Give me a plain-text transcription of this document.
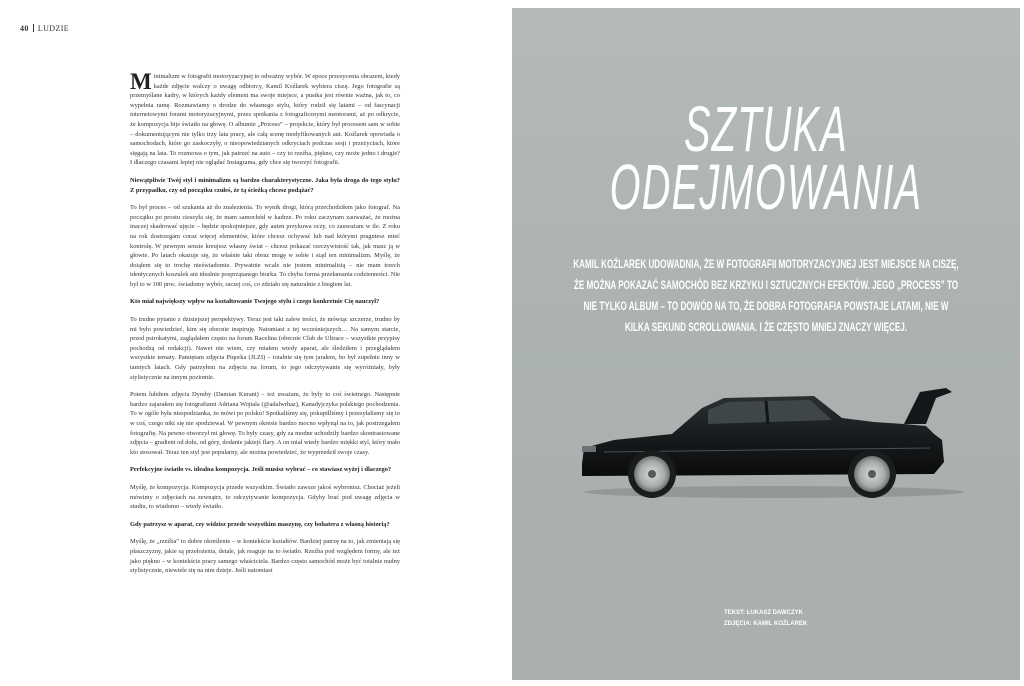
40 LUDZIE

Minimalizm w fotografii motoryzacyjnej to odważny wybór. W epoce przesycenia obrazem, kiedy każde zdjęcie walczy o uwagę odbiorcy, Kamil Koźlarek wybiera ciszę. Jego fotografie są przemyślane kadry, w których każdy element ma swoje miejsce, a pustka jest równie ważna, jak to, co wypełnia ramę. Rozmawiamy o drodze do własnego stylu, który rodził się latami – od fascynacji internetowymi forami motoryzacyjnymi, przez spotkania z fotograficznymi mentorami, aż po odkrycie, że kompozycja bije światło na głowę. O albumie „Process” – projekcie, który był procesem sam w sobie – dokumentującym nie tylko trzy lata pracy, ale całą scenę modyfikowanych aut. Koźlarek opowiada o samochodach, które go zaskoczyły, o nieopowiedzianych odkryciach podczas sesji i przeżyciach, które sięgają na lata. To rozmowa o tym, jak patrzeć na auto – czy to rzeźba, piękno, czy może jedno i drugie? I dlaczego czasami lepiej nie oglądać Instagrama, gdy chce się tworzyć fotografii.

Niewątpliwie Twój styl i minimalizm są bardzo charakterystyczne. Jaka była droga do tego stylu? Z przypadku, czy od początku czułeś, że tą ścieżką chcesz podążać?

To był proces – od szukania aż do znalezienia. To wynik drogi, którą przechodziłem jako fotograf. Na początku po prostu cieszyła się, że mam samochód w kadrze. Po roku zaczynam zauważać, że można inaczej skadrować ujęcie – będzie spokojniejsze, gdy auten przykuwa oczy, co zauważam w tle. Z roku na rok dostrzegam coraz więcej elementów, które chcesz ochywać lub nad którymi pragniesz mieć kontrolę. W pewnym sensie kreujesz własny świat – chcesz pokazać rzeczywistość tak, jak masz ją w głowie. Po latach okazuje się, że właśnie taki obraz mogę w sobie i stąd ten minimalizm. Myślę, że doiąłem się to trochę nieświadomie. Prywatnie wcale nie jestem minimalistą – nie mam trzech identycznych koszulek ani idealnie posprzątanego biurka. To chyba forma przełamania codzienności. Nie był to w 100 proc. świadomy wybór, raczej coś, co zdziało się naturalnie z biegiem lat.

Kto miał największy wpływ na kształtowanie Twojego stylu i czego konkretnie Cię nauczył?

To trudne pytanie z dzisiejszej perspektywy. Teraz jest taki zalew treści, że mówiąc szczerze, trudno by mi było powiedzieć, kim się obecnie inspiruję. Natomiast z tej wcześniejszych… Na samym starcie, przed pstrokatymi, zaglądałem często na forum Racelina (obecnie Club de Ultrace – wszystkie przypisy pochodzą od redakcji). Nawet nie wiem, czy miałem wtedy aparat, ale śledziłem i przeglądałem wszystkie tematy. Pamiętam zdjęcia Piqorka (JLZI) – totalnie się tym jarałem, bo był zupełnie inny w tamtych latach. Gdy patrzyłem na zdjęcia na forum, to jego odczytywanie się wyróżniały, były stylistycznie na innym poziomie.

Potem lubiłem zdjęcia Dymby (Damian Kurant) – też uważam, że były to coś świetnego. Następnie bardzo zajarałem się fotografiami Adriana Wojtala (@adalwrhaz), Kanadyjczyka polskiego pochodzenia. To w ogóle była niespodzianka, że mówi po polsku! Spotkaliśmy się, pokupiłliśmy i przesyłalismy się to w coś, czego nikt się nie spodziewał. W pewnym okresie bardzo mocno wpłynął na to, jak postrzegałem fotografię. Na pewno otworzył mi głowę. To były czasy, gdy za modne uchodziły bardzo skontrastowane zdjęcia – gradient od dołu, od góry, dodanie jakiejś flary. A on miał wtedy bardzo miękki styl, który mało kto stosował. Teraz ten styl jest popularny, ale można powiedzieć, że wyprzedził swoje czasy.

Perfekcyjne światło vs. idealna kompozycja. Jeśli musisz wybrać – co stawiasz wyżej i dlaczego?

Myślę, że kompozycja. Kompozycja przede wszystkim. Światło zawsze jakoś wybronisz. Chociaż jeżeli mówimy o zdjęciach na zewnątrz, to odczytywanie kompozycja. Gdyby brać pod uwagę zdjęcia w studiu, to wiadomo – wtedy światło.

Gdy patrzysz w aparat, czy widzisz przede wszystkim maszynę, czy bohatera z własną historią?

Myślę, że „rzeźba” to dobre określenie – w kontekście kształtów. Bardziej patrzę na to, jak zmieniają się płaszczyzny, jakie są przełożenia, detale, jak reaguje na to światło. Rzeźba pod względem formy, ale też jako piękno – w kontekście pracy samego właściciela. Bardzo często samochód może być totalnie nudny stylistycznie, niewiele się na nim dzieje. Jeśli natomiast

SZTUKA
ODEJMOWANIA
KAMIL KOŹLAREK UDOWADNIA, ŻE W FOTOGRAFII MOTORYZACYJNEJ JEST MIEJSCE NA CISZĘ, ŻE MOŻNA POKAZAĆ SAMOCHÓD BEZ KRZYKU I SZTUCZNYCH EFEKTÓW. JEGO „PROCESS” TO NIE TYLKO ALBUM – TO DOWÓD NA TO, ŻE DOBRA FOTOGRAFIA POWSTAJE LATAMI, NIE W KILKA SEKUND SCROLLOWANIA. I ŻE CZĘSTO MNIEJ ZNACZY WIĘCEJ.
TEKST: ŁUKASZ DAWCZYK
ZDJĘCIA: KAMIL KOŹLAREK
